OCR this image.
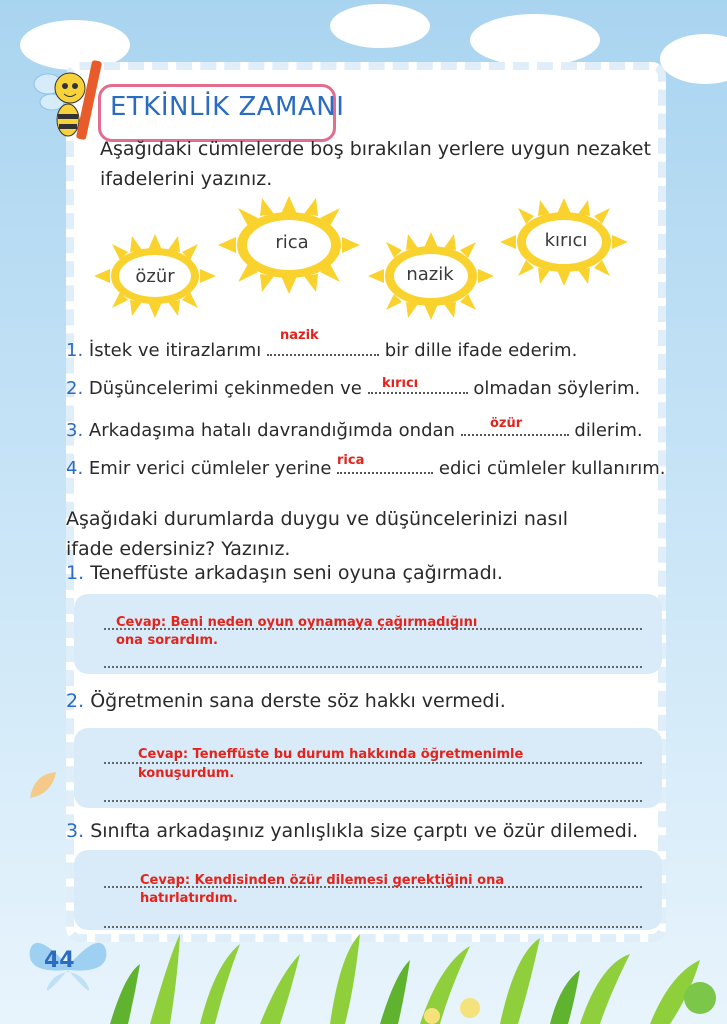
ETKİNLİK ZAMANI
Aşağıdaki cümlelerde boş bırakılan yerlere uygun nezaket
ifadelerini yazınız.
özür
rica
nazik
kırıcı
1. İstek ve itirazlarımı	bir dille ifade ederim.
nazik
2. Düşüncelerimi çekinmeden ve	olmadan söylerim.
kırıcı
3. Arkadaşıma hatalı davrandığımda ondan	dilerim.
özür
4. Emir verici cümleler yerine	edici cümleler kullanırım.
rica
Aşağıdaki durumlarda duygu ve düşüncelerinizi nasıl
ifade edersiniz? Yazınız.
1. Teneffüste arkadaşın seni oyuna çağırmadı.
Cevap: Beni neden oyun oynamaya çağırmadığını
ona sorardım.
2. Öğretmenin sana derste söz hakkı vermedi.
Cevap: Teneffüste bu durum hakkında öğretmenimle
konuşurdum.
3. Sınıfta arkadaşınız yanlışlıkla size çarptı ve özür dilemedi.
Cevap: Kendisinden özür dilemesi gerektiğini ona
hatırlatırdım.
44
